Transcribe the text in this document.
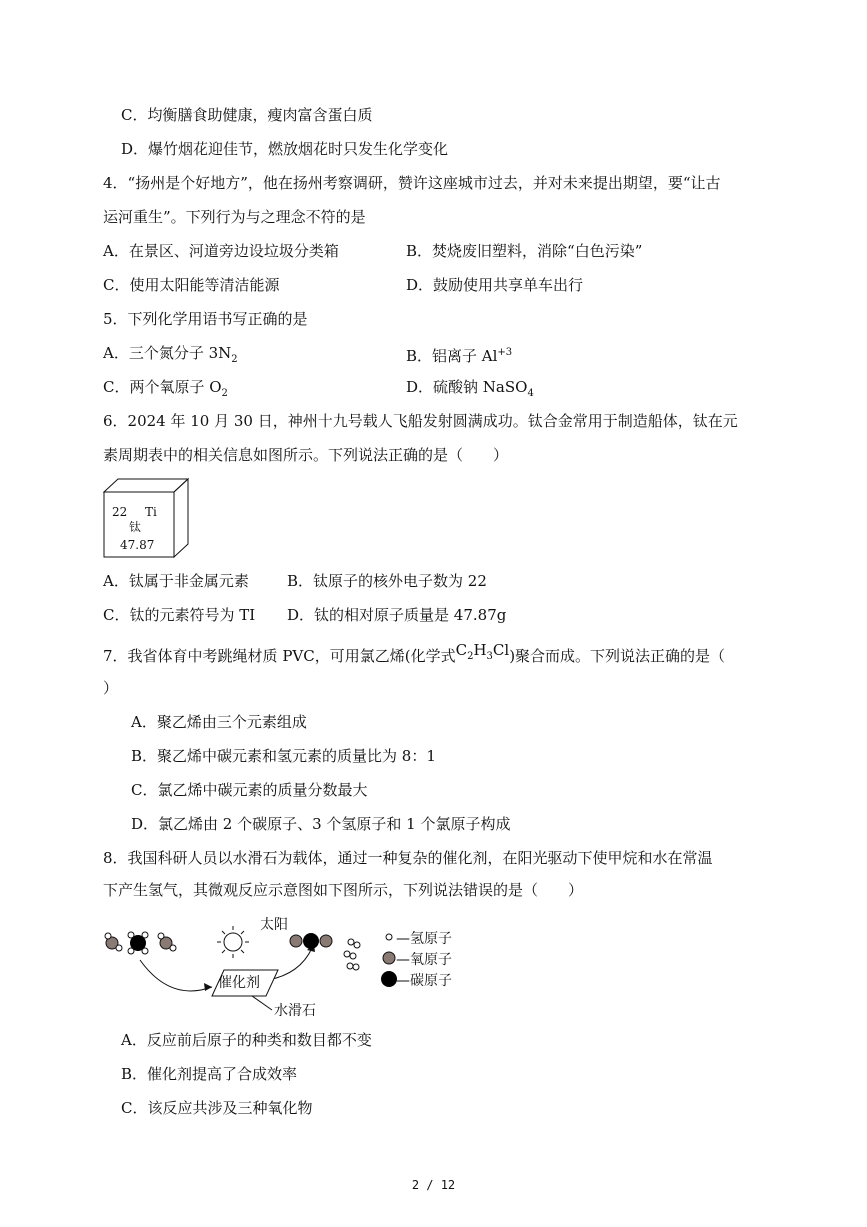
C．均衡膳食助健康，瘦肉富含蛋白质
D．爆竹烟花迎佳节，燃放烟花时只发生化学变化
4．“扬州是个好地方”，他在扬州考察调研，赞许这座城市过去，并对未来提出期望，要“让古
运河重生”。下列行为与之理念不符的是
A．在景区、河道旁边设垃圾分类箱	B．焚烧废旧塑料，消除“白色污染”
C．使用太阳能等清洁能源	D．鼓励使用共享单车出行
5．下列化学用语书写正确的是
A．三个氮分子 $3N_2$	B．铝离子 $Al^{+3}$
C．两个氧原子 $O_2$	D．硫酸钠 NaSO$_4$
6．2024 年 10 月 30 日，神州十九号载人飞船发射圆满成功。钛合金常用于制造船体，钛在元
素周期表中的相关信息如图所示。下列说法正确的是（　　）
22 Ti
钛
47.87
A．钛属于非金属元素	B．钛原子的核外电子数为 22
C．钛的元素符号为 TI D．钛的相对原子质量是 47.87g
7．我省体育中考跳绳材质 PVC，可用氯乙烯(化学式$C_2H_3Cl$)聚合而成。下列说法正确的是（
）
A．聚乙烯由三个元素组成
B．聚乙烯中碳元素和氢元素的质量比为 8：1
C．氯乙烯中碳元素的质量分数最大
D．氯乙烯由 2 个碳原子、3 个氢原子和 1 个氯原子构成
8．我国科研人员以水滑石为载体，通过一种复杂的催化剂，在阳光驱动下使甲烷和水在常温
下产生氢气，其微观反应示意图如下图所示，下列说法错误的是（　　）
太阳
催化剂
水滑石
—氢原子
—氧原子
—碳原子
A．反应前后原子的种类和数目都不变
B．催化剂提高了合成效率
C．该反应共涉及三种氧化物
2 / 12
